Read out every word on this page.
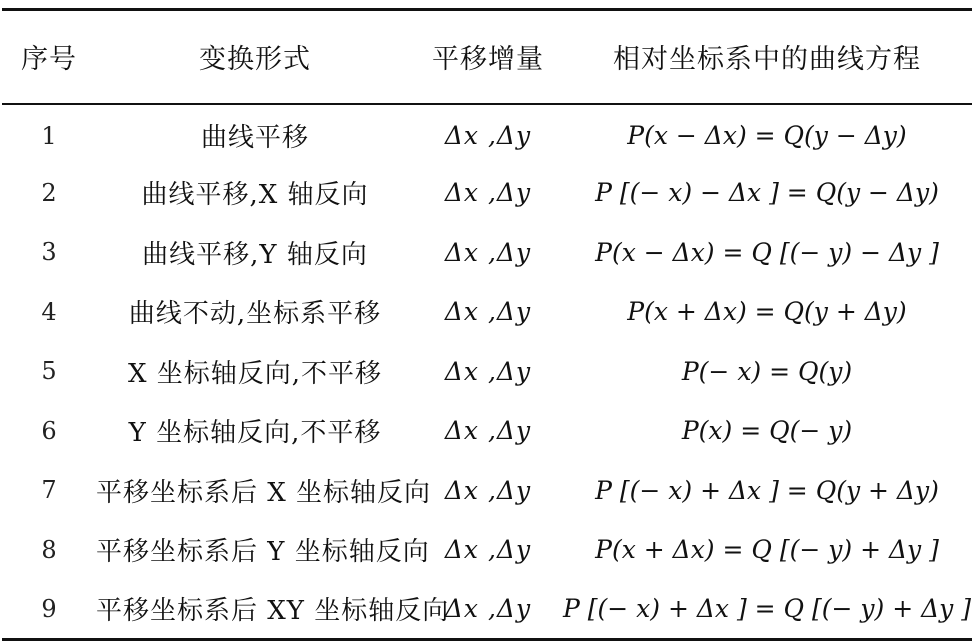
序号	变换形式	平移增量	相对坐标系中的曲线方程
1	曲线平移	Δx ,Δy	P(x − Δx) = Q(y − Δy)
2	曲线平移,X 轴反向	Δx ,Δy	P [(− x) − Δx ] = Q(y − Δy)
3	曲线平移,Y 轴反向	Δx ,Δy	P(x − Δx) = Q [(− y) − Δy ]
4	曲线不动,坐标系平移	Δx ,Δy	P(x + Δx) = Q(y + Δy)
5	X 坐标轴反向,不平移	Δx ,Δy	P(− x) = Q(y)
6	Y 坐标轴反向,不平移	Δx ,Δy	P(x) = Q(− y)
7	平移坐标系后 X 坐标轴反向	Δx ,Δy	P [(− x) + Δx ] = Q(y + Δy)
8	平移坐标系后 Y 坐标轴反向	Δx ,Δy	P(x + Δx) = Q [(− y) + Δy ]
9	平移坐标系后 XY 坐标轴反向	Δx ,Δy	P [(− x) + Δx ] = Q [(− y) + Δy ]
